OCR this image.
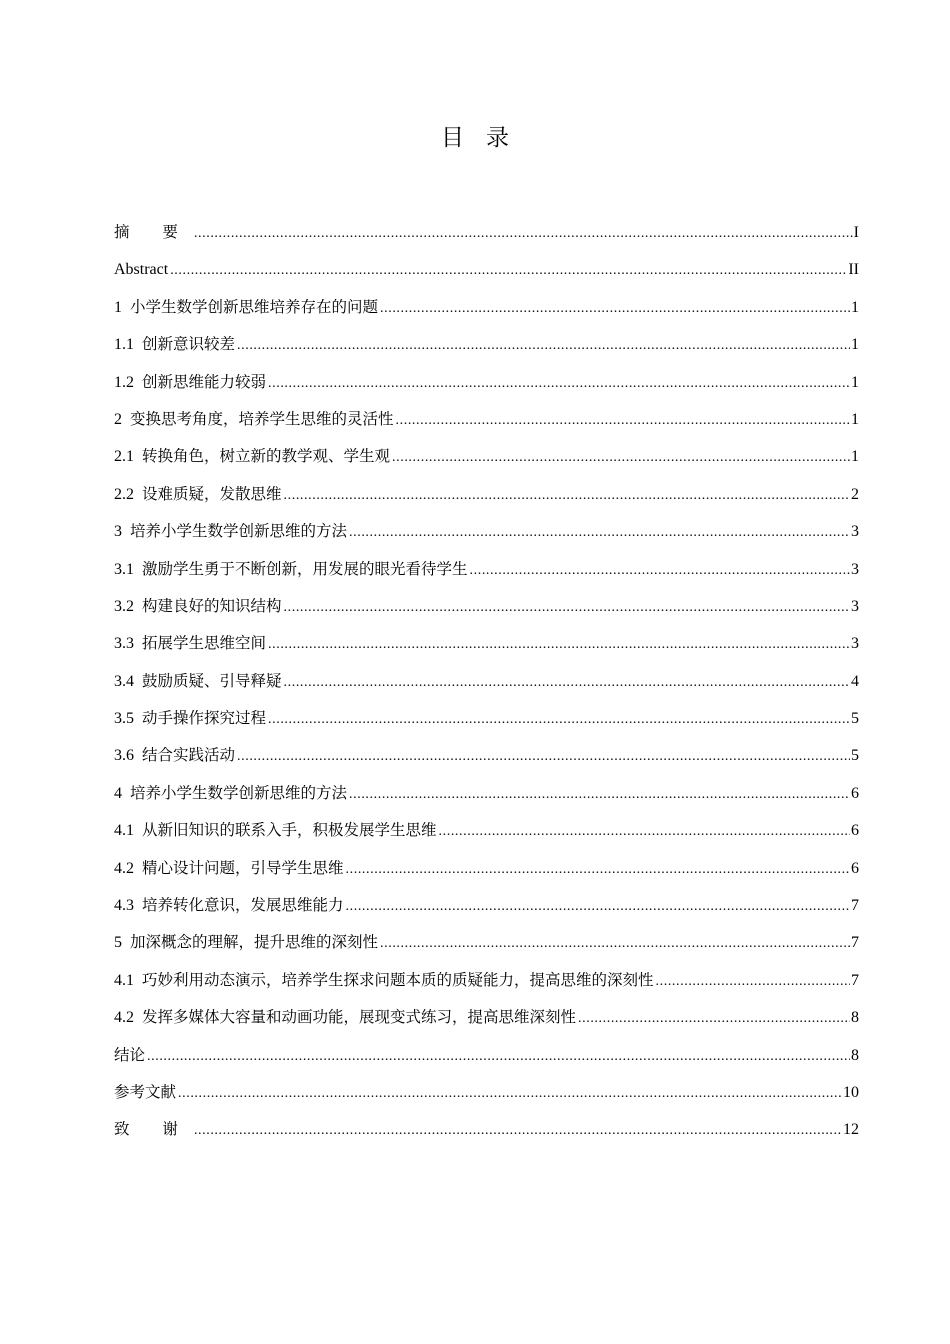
目录
摘 要 .....	I
Abstract .....	II
1 小学生数学创新思维培养存在的问题 .....	1
1.1 创新意识较差 .....	1
1.2 创新思维能力较弱 .....	1
2 变换思考角度，培养学生思维的灵活性 .....	1
2.1 转换角色，树立新的教学观、学生观 .....	1
2.2 设难质疑，发散思维 .....	2
3 培养小学生数学创新思维的方法 .....	3
3.1 激励学生勇于不断创新，用发展的眼光看待学生 .....	3
3.2 构建良好的知识结构 .....	3
3.3 拓展学生思维空间 .....	3
3.4 鼓励质疑、引导释疑 .....	4
3.5 动手操作探究过程 .....	5
3.6 结合实践活动 .....	5
4 培养小学生数学创新思维的方法 .....	6
4.1 从新旧知识的联系入手，积极发展学生思维 .....	6
4.2 精心设计问题，引导学生思维 .....	6
4.3 培养转化意识，发展思维能力 .....	7
5 加深概念的理解，提升思维的深刻性 .....	7
4.1 巧妙利用动态演示，培养学生探求问题本质的质疑能力，提高思维的深刻性 .....	7
4.2 发挥多媒体大容量和动画功能，展现变式练习，提高思维深刻性 .....	8
结论 .....	8
参考文献 .....	10
致 谢 .....	12
